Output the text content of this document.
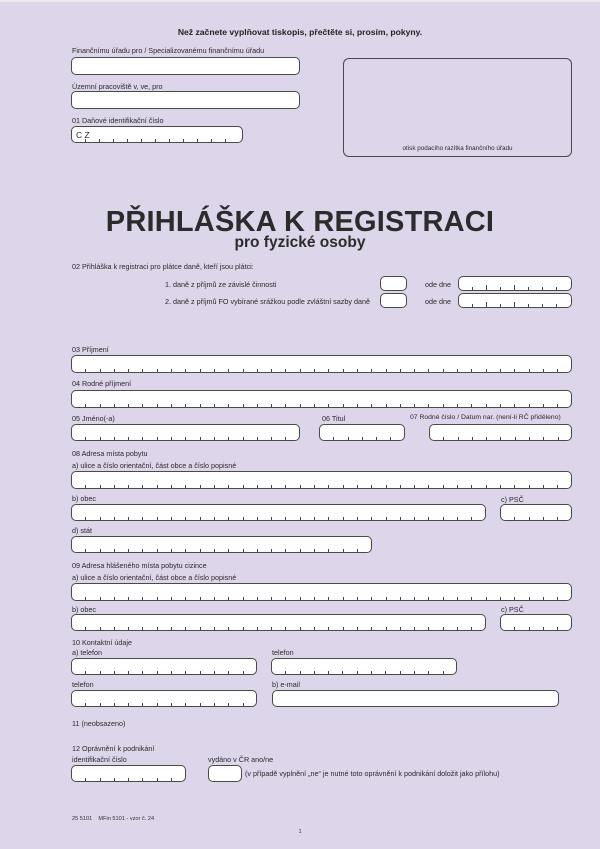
Než začnete vyplňovat tiskopis, přečtěte si, prosím, pokyny.
Finančnímu úřadu pro / Specializovanému finančnímu úřadu
Územní pracoviště v, ve, pro
01 Daňové identifikační číslo
C Z
otisk podacího razítka finančního úřadu
PŘIHLÁŠKA K REGISTRACI
pro fyzické osoby
02 Přihláška k registraci pro plátce daně, kteří jsou plátci:
1. daně z příjmů ze závislé činnosti	ode dne
2. daně z příjmů FO vybírané srážkou podle zvláštní sazby daně	ode dne
03 Příjmení
04 Rodné příjmení
05 Jméno(-a)	06 Titul	07 Rodné číslo / Datum nar. (není-li RČ přiděleno)
08 Adresa místa pobytu
a) ulice a číslo orientační, část obce a číslo popisné
b) obec	c) PSČ
d) stát
09 Adresa hlášeného místa pobytu cizince
a) ulice a číslo orientační, část obce a číslo popisné
b) obec	c) PSČ
10 Kontaktní údaje
a) telefon	telefon
telefon	b) e-mail
11 (neobsazeno)
12 Oprávnění k podnikání
identifikační číslo	vydáno v ČR ano/ne
(v případě vyplnění „ne“ je nutné toto oprávnění k podnikání doložit jako přílohu)
25 5101    MFin 5101 - vzor č. 24
1
